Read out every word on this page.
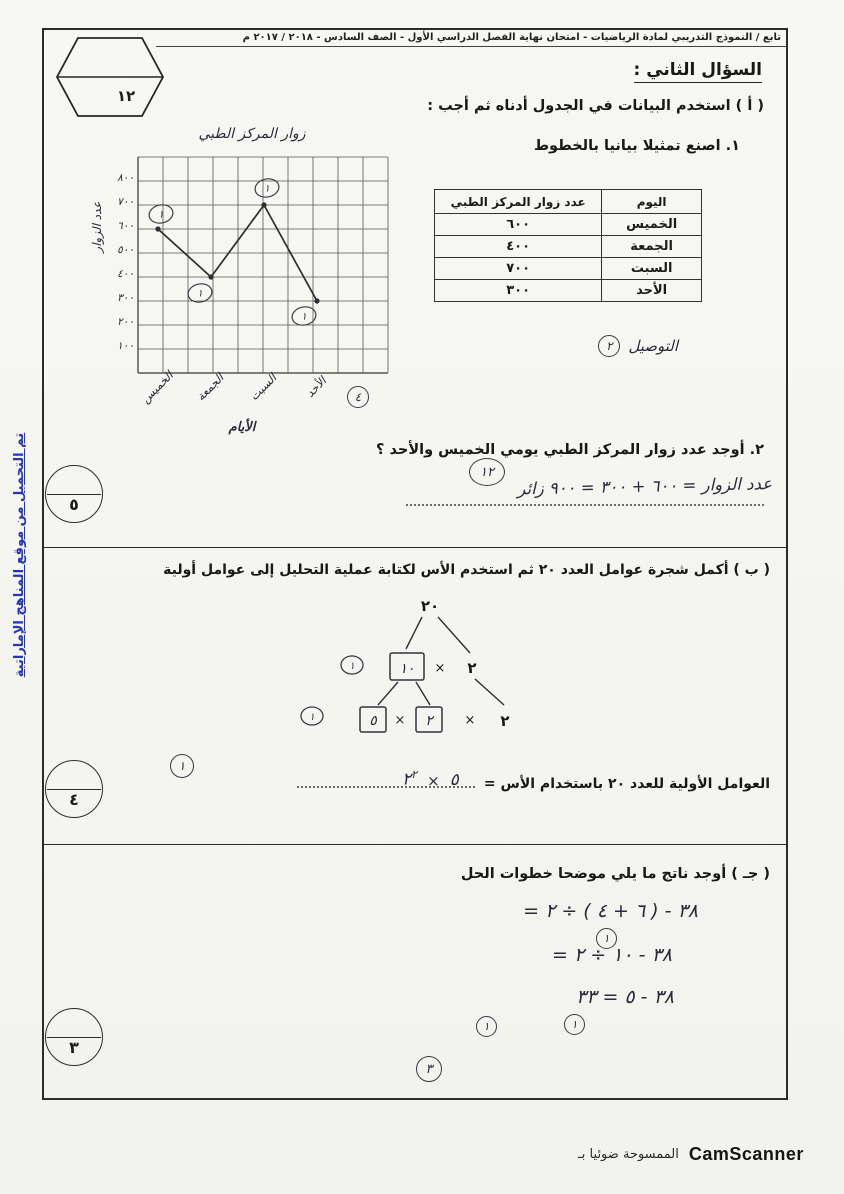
تم التحميل من موقع المناهج الإماراتية
تابع / النموذج التدريبي لمادة الرياضيات - امتحان نهاية الفصل الدراسي الأول - الصف السادس - ٢٠١٨ / ٢٠١٧ م
١٢
السؤال الثاني :
( أ ) استخدم البيانات في الجدول أدناه ثم أجب :
١. اصنع تمثيلا بيانيا بالخطوط
زوار المركز الطبي
عدد الزوار
٨٠٠
٧٠٠
٦٠٠
٥٠٠
٤٠٠
٣٠٠
٢٠٠
١٠٠
١
١
١
١
الخميس	الجمعة	السبت	الأحد
الأيام
٤
اليوم	عدد زوار المركز الطبي
الخميس	٦٠٠
الجمعة	٤٠٠
السبت	٧٠٠
الأحد	٣٠٠
التوصيل
٢
٢. أوجد عدد زوار المركز الطبي يومي الخميس والأحد ؟
١٢
عدد الزوار = ٦٠٠ + ٣٠٠ = ٩٠٠ زائر
٥
( ب ) أكمل شجرة عوامل العدد ٢٠ ثم استخدم الأس لكتابة عملية التحليل إلى عوامل أولية
٢٠
١٠ × ٢
١
٥ × ٢ × ٢
١
١
العوامل الأولية للعدد ٢٠ باستخدام الأس =
$٢^٢$ × ٥
٤
( جـ ) أوجد ناتج ما يلي موضحا خطوات الحل
٣٨ - ( ٦ + ٤ ) ÷ ٢ =
٣٨ - ١٠ ÷ ٢ =
٣٨ - ٥ = ٣٣
١
١
١
٣
٣
الممسوحة ضوئيا بـ CamScanner
